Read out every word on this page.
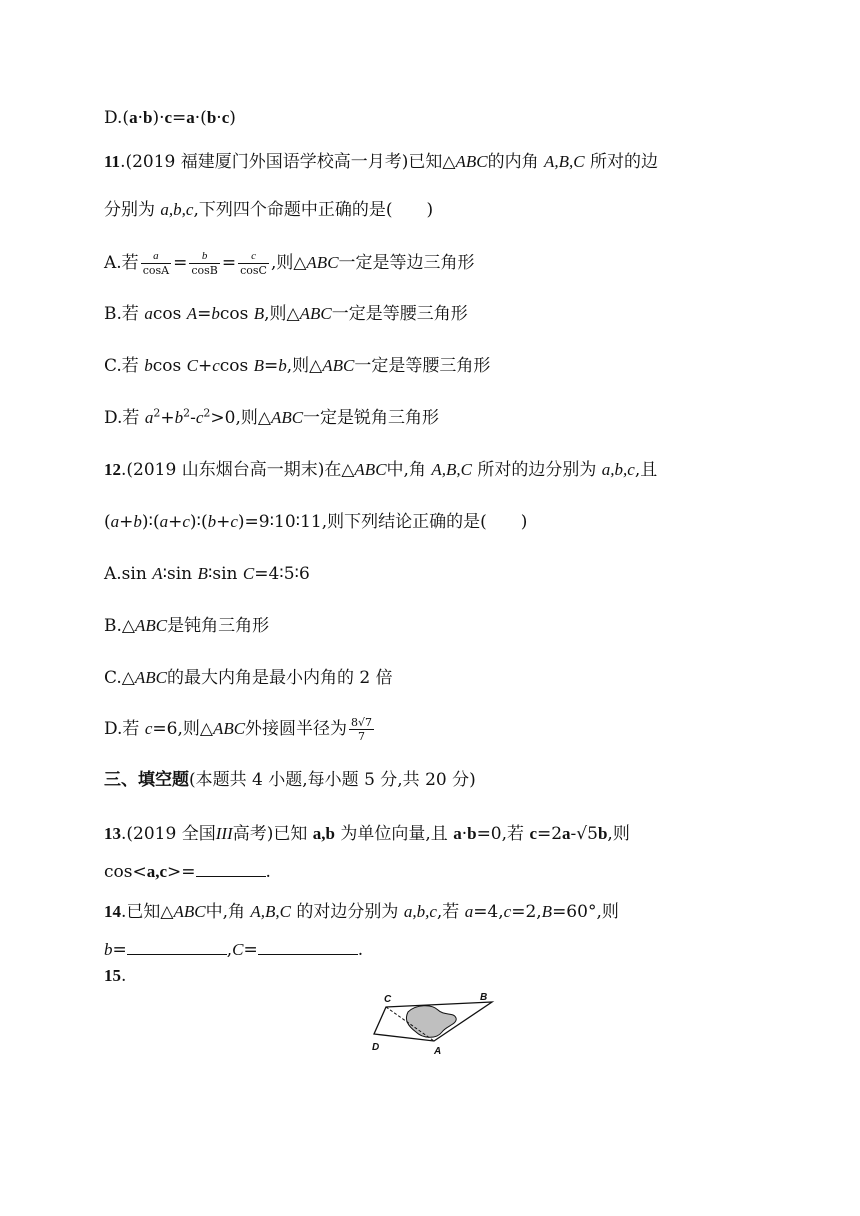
D.(a·b)·c=a·(b·c)
11.(2019 福建厦门外国语学校高一月考)已知△ABC的内角 A,B,C 所对的边
分别为 a,b,c,下列四个命题中正确的是(　　)
A.若 $\frac{a}{\cos A} = \frac{b}{\cos B} = \frac{c}{\cos C}$ ,则△ABC一定是等边三角形
B.若 acos A=bcos B,则△ABC一定是等腰三角形
C.若 bcos C+ccos B=b,则△ABC一定是等腰三角形
D.若 $a^2+b^2-c^2>0$,则△ABC一定是锐角三角形
12.(2019 山东烟台高一期末)在△ABC中,角 A,B,C 所对的边分别为 a,b,c,且
(a+b)∶(a+c)∶(b+c)=9∶10∶11,则下列结论正确的是(　　)
A.sin A∶sin B∶sin C=4∶5∶6
B.△ABC是钝角三角形
C.△ABC的最大内角是最小内角的 2 倍
D.若 c=6,则△ABC外接圆半径为 $\frac{8√7}{7}$
三、填空题(本题共 4 小题,每小题 5 分,共 20 分)
13.(2019 全国III高考)已知 a,b 为单位向量,且 a·b=0,若 c=2a-√5b,则
cos<a,c>=	.
14.已知△ABC中,角 A,B,C 的对边分别为 a,b,c,若 a=4,c=2,B=60°,则
b=	,C=	.
15.
C	B
D	A
